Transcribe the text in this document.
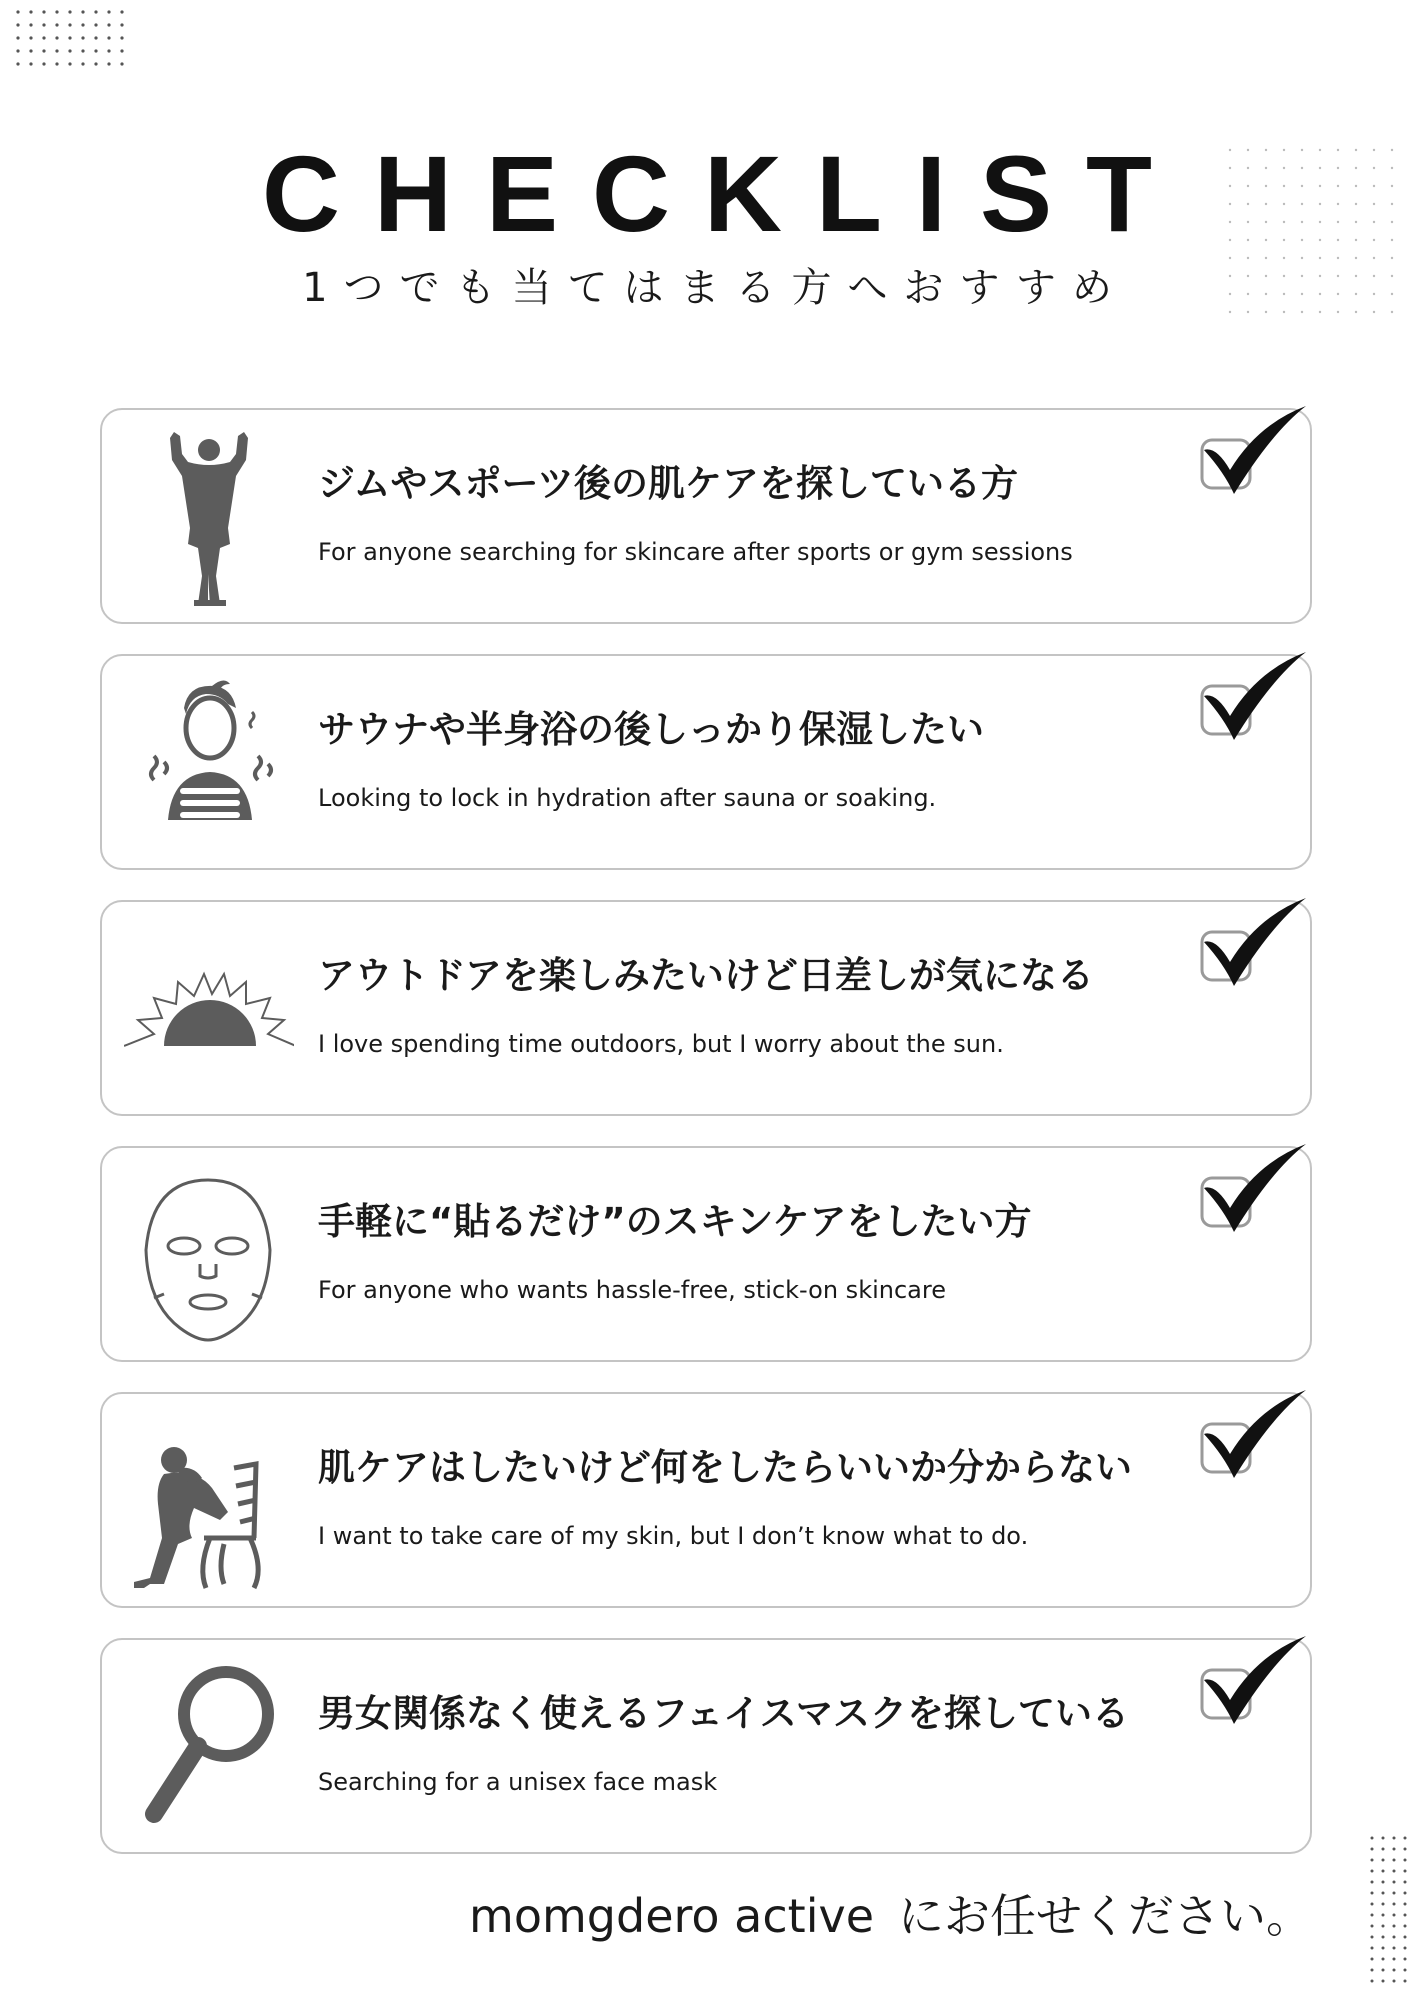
CHECKLIST
1つでも当てはまる方へおすすめ
ジムやスポーツ後の肌ケアを探している方
For anyone searching for skincare after sports or gym sessions
サウナや半身浴の後しっかり保湿したい
Looking to lock in hydration after sauna or soaking.
アウトドアを楽しみたいけど日差しが気になる
I love spending time outdoors, but I worry about the sun.
手軽に“貼るだけ”のスキンケアをしたい方
For anyone who wants hassle-free, stick-on skincare
肌ケアはしたいけど何をしたらいいか分からない
I want to take care of my skin, but I don’t know what to do.
男女関係なく使えるフェイスマスクを探している
Searching for a unisex face mask
momgdero active にお任せください。
